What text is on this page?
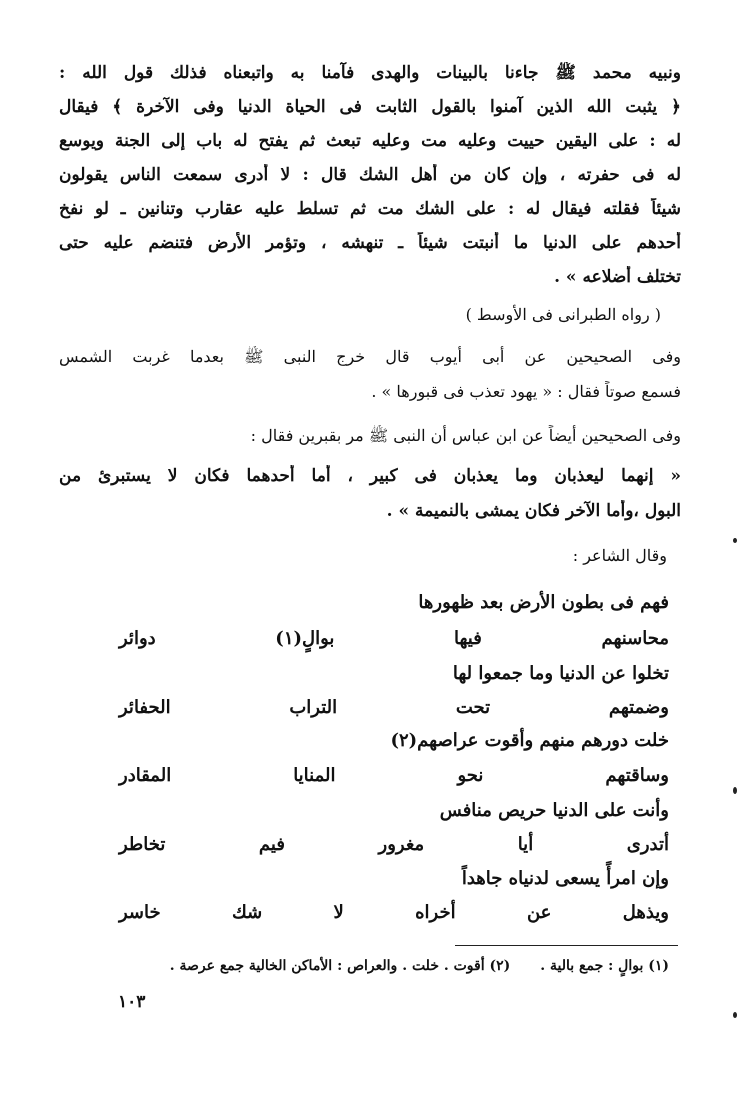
ونبيه محمد ﷺ جاءنا بالبينات والهدى فآمنا به واتبعناه فذلك قول الله :
﴿ يثبت الله الذين آمنوا بالقول الثابت فى الحياة الدنيا وفى الآخرة ﴾ فيقال
له : على اليقين حييت وعليه مت وعليه تبعث ثم يفتح له باب إلى الجنة ويوسع
له فى حفرته ، وإن كان من أهل الشك قال : لا أدرى سمعت الناس يقولون
شيئاً فقلته فيقال له : على الشك مت ثم تسلط عليه عقارب وتنانين ـ لو نفخ
أحدهم على الدنيا ما أنبتت شيئاً ـ تنهشه ، وتؤمر الأرض فتنضم عليه حتى
تختلف أضلاعه » .
( رواه الطبرانى فى الأوسط )
وفى الصحيحين عن أبى أيوب قال خرج النبى ﷺ بعدما غربت الشمس
فسمع صوتاً فقال : « يهود تعذب فى قبورها » .
وفى الصحيحين أيضاً عن ابن عباس أن النبى ﷺ مر بقبرين فقال :
« إنهما ليعذبان وما يعذبان فى كبير ، أما أحدهما فكان لا يستبرئ من
البول ،وأما الآخر فكان يمشى بالنميمة » .
وقال الشاعر :
فهم فى بطون الأرض بعد ظهورها
محاسنهم فيها بوالٍ(١) دوائر
تخلوا عن الدنيا وما جمعوا لها
وضمتهم تحت التراب الحفائر
خلت دورهم منهم وأقوت عراصهم(٢)
وساقتهم نحو المنايا المقادر
وأنت على الدنيا حريص منافس
أتدرى أيا مغرور فيم تخاطر
وإن امرأً يسعى لدنياه جاهداً
ويذهل عن أخراه لا شك خاسر
(١) بوالٍ : جمع بالية .
(٢) أقوت . خلت . والعراص : الأماكن الخالية جمع عرصة .
١٠٣
